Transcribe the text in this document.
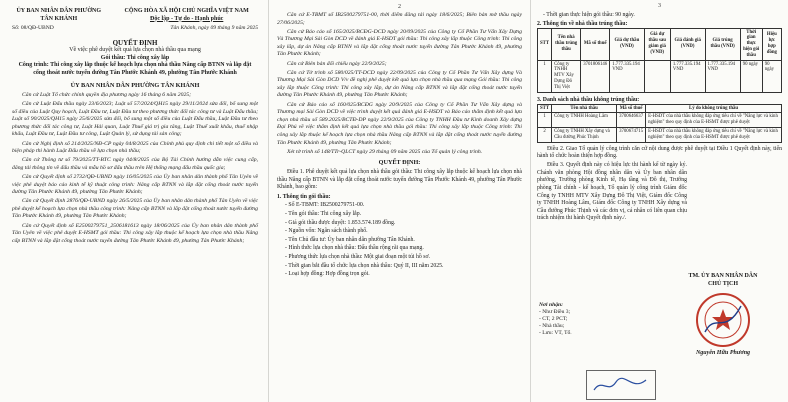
ỦY BAN NHÂN DÂN PHƯỜNG TÂN KHÁNH
CỘNG HÒA XÃ HỘI CHỦ NGHĨA VIỆT NAM
Độc lập - Tự do - Hạnh phúc
Số: 08/QĐ-UBND	Tân Khánh, ngày 09 tháng 9 năm 2025
QUYẾT ĐỊNH
Về việc phê duyệt kết quả lựa chọn nhà thầu qua mạng
Gói thầu: Thi công xây lắp
Công trình: Thi công xây lắp thuộc kế hoạch lựa chọn nhà thầu Nâng cấp BTNN và lắp đặt cống thoát nước tuyến đường Tân Phước Khánh 49, phường Tân Phước Khánh
ỦY BAN NHÂN DÂN PHƯỜNG TÂN KHÁNH

Căn cứ Luật Tổ chức chính quyền địa phương ngày 16 tháng 6 năm 2025;

Căn cứ Luật Đấu thầu ngày 23/6/2023; Luật số 57/2024/QH15 ngày 29/11/2024 sửa đổi, bổ sung một số điều của Luật Quy hoạch, Luật Đầu tư, Luật Đầu tư theo phương thức đối tác công tư và Luật Đấu thầu; Luật số 90/2025/QH15 ngày 25/6/2025 sửa đổi, bổ sung một số điều của Luật Đấu thầu, Luật Đầu tư theo phương thức đối tác công tư, Luật Hải quan, Luật Thuế giá trị gia tăng, Luật Thuế xuất khẩu, thuế nhập khẩu, Luật Đầu tư, Luật Đầu tư công, Luật Quản lý, sử dụng tài sản công;

Căn cứ Nghị định số 214/2025/NĐ-CP ngày 04/8/2025 của Chính phủ quy định chi tiết một số điều và biện pháp thi hành Luật Đấu thầu về lựa chọn nhà thầu;

Căn cứ Thông tư số 79/2025/TT-BTC ngày 04/8/2025 của Bộ Tài Chính hướng dẫn việc cung cấp, đăng tải thông tin về đấu thầu và mẫu hồ sơ đấu thầu trên Hệ thống mạng đấu thầu quốc gia;

Căn cứ Quyết định số 2732/QĐ-UBND ngày 16/05/2025 của Ủy ban nhân dân thành phố Tân Uyên về việc phê duyệt báo cáo kinh tế kỹ thuật công trình: Nâng cấp BTNN và lắp đặt cống thoát nước tuyến đường Tân Phước Khánh 49, phường Tân Phước Khánh;

Căn cứ Quyết định 2876/QĐ-UBND ngày 26/5/2025 của Ủy ban nhân dân thành phố Tân Uyên về việc phê duyệt kế hoạch lựa chọn nhà thầu công trình: Nâng cấp BTNN và lắp đặt cống thoát nước tuyến đường Tân Phước Khánh 49, phường Tân Phước Khánh;

Căn cứ Quyết định số E2500279751_2506181613 ngày 18/06/2025 của Ủy ban nhân dân thành phố Tân Uyên về việc phê duyệt E-HSMT gói thầu: Thi công xây lắp thuộc kế hoạch lựa chọn nhà thầu Nâng cấp BTNN và lắp đặt cống thoát nước tuyến đường Tân Phước Khánh 49, phường Tân Phước Khánh;

2

Căn cứ E-TBMT số IB2500279751-00, thời điểm đăng tải ngày 18/6/2025; Biên bản mở thầu ngày 27/06/2025;

Căn cứ Báo cáo số 165/2025/BCĐG-DCD ngày 20/09/2025 của Công ty Cổ Phần Tư Vấn Xây Dựng Và Thương Mại Sài Gòn DCD về đánh giá E-HSDT gói thầu: Thi công xây lắp thuộc Công trình: Thi công xây lắp, dự án Nâng cấp BTNN và lắp đặt cống thoát nước tuyến đường Tân Phước Khánh 49, phường Tân Phước Khánh;

Căn cứ Biên bản đối chiếu ngày 22/9/2025;

Căn cứ Tờ trình số 580/025/TT-DCD ngày 22/09/2025 của Công ty Cổ Phần Tư Vấn Xây dựng Và Thương Mại Sài Gòn DCD V/v đề nghị phê duyệt kết quả lựa chọn nhà thầu qua mạng Gói thầu: Thi công xây lắp thuộc Công trình: Thi công xây lắp, dự án Nâng cấp BTNN và lắp đặt cống thoát nước tuyến đường Tân Phước Khánh 49, phường Tân Phước Khánh;

Căn cứ Báo cáo số 160/025/BCĐG ngày 20/9/2025 của Công ty Cổ Phần Tư Vấn Xây dựng và Thương mại Sài Gòn DCD về việc trình duyệt kết quả đánh giá E-HSDT và Báo cáo thẩm định kết quả lựa chọn nhà thầu số 589.2025/BCTĐ-DP ngày 22/9/2025 của Công ty TNHH Đầu tư Kinh doanh Xây dựng Đại Phú về việc thẩm định kết quả lựa chọn nhà thầu gói thầu: Thi công xây lắp thuộc Công trình: Thi công xây lắp thuộc kế hoạch lựa chọn nhà thầu Nâng cấp BTNN và lắp đặt cống thoát nước tuyến đường Tân Phước Khánh 49, phường Tân Phước Khánh;

Xét tờ trình số 148/TTr-QLCT ngày 29 tháng 09 năm 2025 của Tổ quản lý công trình.

QUYẾT ĐỊNH:

Điều 1. Phê duyệt kết quả lựa chọn nhà thầu gói thầu: Thi công xây lắp thuộc kế hoạch lựa chọn nhà thầu Nâng cấp BTNN và lắp đặt cống thoát nước tuyến đường Tân Phước Khánh 49, phường Tân Phước Khánh, bao gồm:

1. Thông tin gói thầu:
- Số E-TBMT: IB2500279751-00.
- Tên gói thầu: Thi công xây lắp.
- Giá gói thầu được duyệt: 1.853.574.189 đồng.
- Nguồn vốn: Ngân sách thành phố.
- Tên Chủ đầu tư: Ủy ban nhân dân phường Tân Khánh.
- Hình thức lựa chọn nhà thầu: Đấu thầu rộng rãi qua mạng.
- Phương thức lựa chọn nhà thầu: Một giai đoạn một túi hồ sơ.
- Thời gian bắt đầu tổ chức lựa chọn nhà thầu: Quý II, III năm 2025.
- Loại hợp đồng: Hợp đồng trọn gói.
3
- Thời gian thực hiện gói thầu: 90 ngày.
2. Thông tin về nhà thầu trúng thầu:
STT	Tên nhà thầu trúng thầu	Mã số thuế	Giá dự thầu (VND)	Giá dự thầu sau giảm giá (VND)	Giá đánh giá (VND)	Giá trúng thầu (VND)	Thời gian thực hiện gói thầu	Hiệu lực hợp đồng
1	Công ty TNHH MTV Xây Dựng Đô Thị Việt	3701806146	1.777.335.194 VND		1.777.335.194 VND	1.777.335.194 VND	90 ngày	90 ngày
3. Danh sách nhà thầu không trúng thầu:
STT	Tên nhà thầu	Mã số thuế	Lý do không trúng thầu
1	Công ty TNHH Hoàng Lâm	3700646637	E-HSDT của nhà thầu không đáp ứng tiêu chí về "Năng lực và kinh nghiệm" theo quy định của E-HSMT được phê duyệt
2	Công ty TNHH Xây dựng và Cầu đường Phúc Thịnh	3700674715	E-HSDT của nhà thầu không đáp ứng tiêu chí về "Năng lực và kinh nghiệm" theo quy định của E-HSMT được phê duyệt

Điều 2. Giao Tổ quản lý công trình căn cứ nội dung được phê duyệt tại Điều 1 Quyết định này, tiến hành tổ chức hoàn thiện hợp đồng.

Điều 3. Quyết định này có hiệu lực thi hành kể từ ngày ký. Chánh văn phòng Hội đồng nhân dân và Ủy ban nhân dân phường, Trưởng phòng Kinh tế, Hạ tầng và Đô thị, Trưởng phòng Tài chính - kế hoạch, Tổ quản lý công trình Giám đốc Công ty TNHH MTV Xây Dựng Đô Thị Việt, Giám đốc Công ty TNHH Hoàng Lâm, Giám đốc Công ty TNHH Xây dựng và Cầu đường Phúc Thịnh và các đơn vị, cá nhân có liên quan chịu trách nhiệm thi hành Quyết định này./.

Nơi nhận:
- Như Điều 3;
- CT, 2 PCT;
- Nhà thầu;
- Lưu: VT, Tổ.
TM. ỦY BAN NHÂN DÂN
CHỦ TỊCH
Nguyễn Hữu Phương
